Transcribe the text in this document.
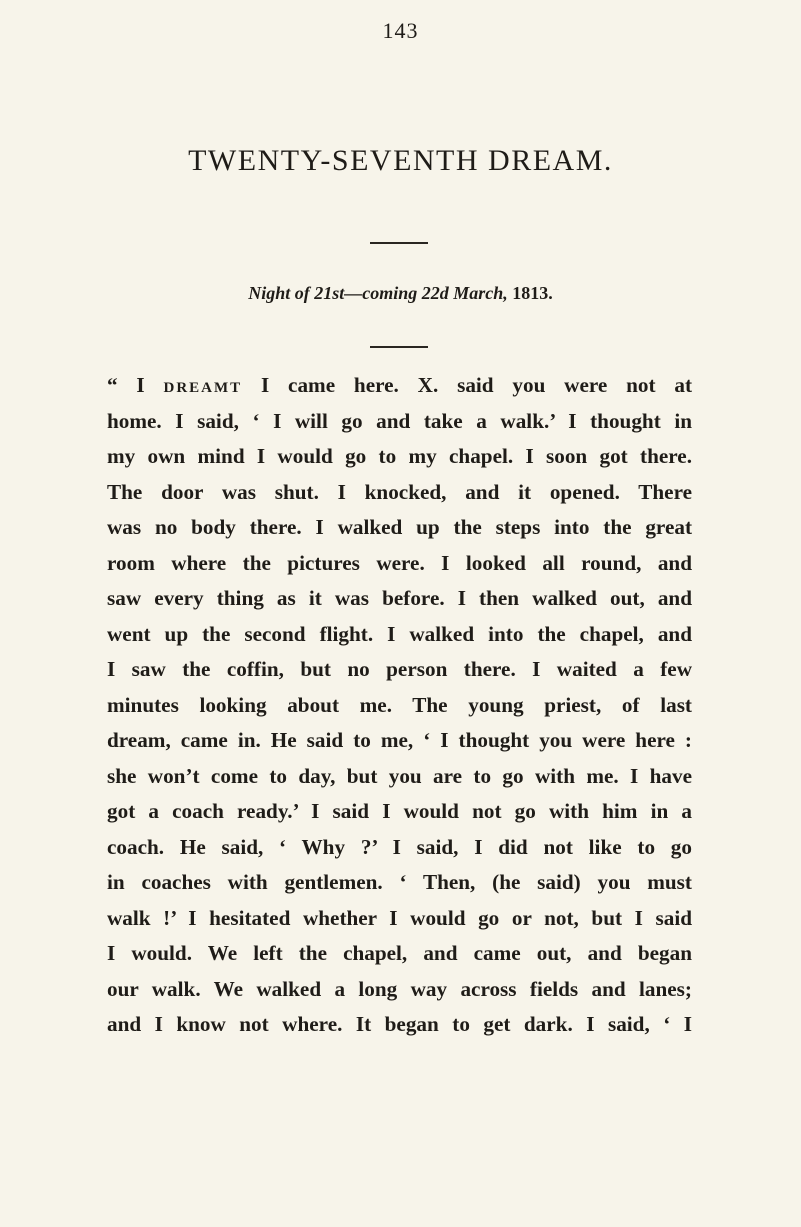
143
TWENTY-SEVENTH DREAM.
Night of 21st—coming 22d March, 1813.
“ I dreamt I came here. X. said you were not at
home. I said, ‘ I will go and take a walk.’ I thought in
my own mind I would go to my chapel. I soon got there.
The door was shut. I knocked, and it opened. There
was no body there. I walked up the steps into the great
room where the pictures were. I looked all round, and
saw every thing as it was before. I then walked out, and
went up the second flight. I walked into the chapel, and
I saw the coffin, but no person there. I waited a few
minutes looking about me. The young priest, of last
dream, came in. He said to me, ‘ I thought you were here :
she won’t come to day, but you are to go with me. I have
got a coach ready.’ I said I would not go with him in a
coach. He said, ‘ Why ?’ I said, I did not like to go
in coaches with gentlemen. ‘ Then, (he said) you must
walk !’ I hesitated whether I would go or not, but I said
I would. We left the chapel, and came out, and began
our walk. We walked a long way across fields and lanes;
and I know not where. It began to get dark. I said, ‘ I
